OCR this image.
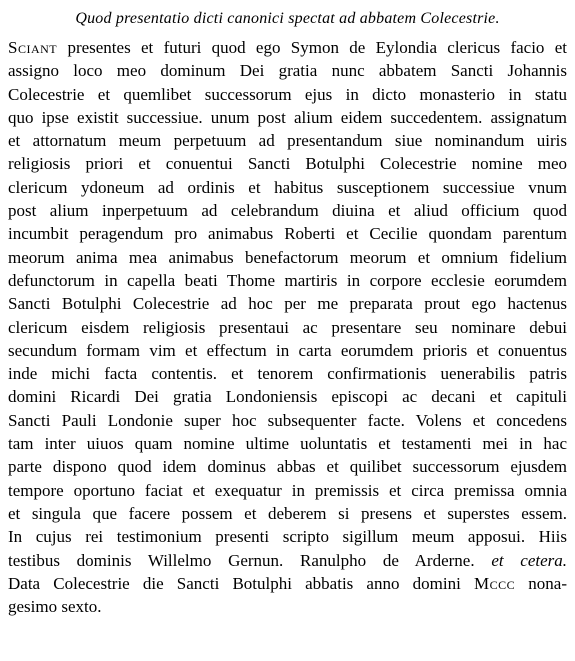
Quod presentatio dicti canonici spectat ad abbatem Colecestrie.
Sciant presentes et futuri quod ego Symon de Eylondia clericus facio et
assigno loco meo dominum Dei gratia nunc abbatem Sancti Johannis
Colecestrie et quemlibet successorum ejus in dicto monasterio in statu
quo ipse existit successiue. unum post alium eidem succedentem. assignatum
et attornatum meum perpetuum ad presentandum siue nominandum uiris
religiosis priori et conuentui Sancti Botulphi Colecestrie nomine meo
clericum ydoneum ad ordinis et habitus susceptionem successiue vnum
post alium inperpetuum ad celebrandum diuina et aliud officium quod
incumbit peragendum pro animabus Roberti et Cecilie quondam parentum
meorum anima mea animabus benefactorum meorum et omnium fidelium
defunctorum in capella beati Thome martiris in corpore ecclesie eorumdem
Sancti Botulphi Colecestrie ad hoc per me preparata prout ego hactenus
clericum eisdem religiosis presentaui ac presentare seu nominare debui
secundum formam vim et effectum in carta eorumdem prioris et conuentus
inde michi facta contentis. et tenorem confirmationis uenerabilis patris
domini Ricardi Dei gratia Londoniensis episcopi ac decani et capituli
Sancti Pauli Londonie super hoc subsequenter facte. Volens et concedens
tam inter uiuos quam nomine ultime uoluntatis et testamenti mei in hac
parte dispono quod idem dominus abbas et quilibet successorum ejusdem
tempore oportuno faciat et exequatur in premissis et circa premissa omnia
et singula que facere possem et deberem si presens et superstes essem.
In cujus rei testimonium presenti scripto sigillum meum apposui. Hiis
testibus dominis Willelmo Gernun. Ranulpho de Arderne. et cetera.
Data Colecestrie die Sancti Botulphi abbatis anno domini Mccc nona-
gesimo sexto.
